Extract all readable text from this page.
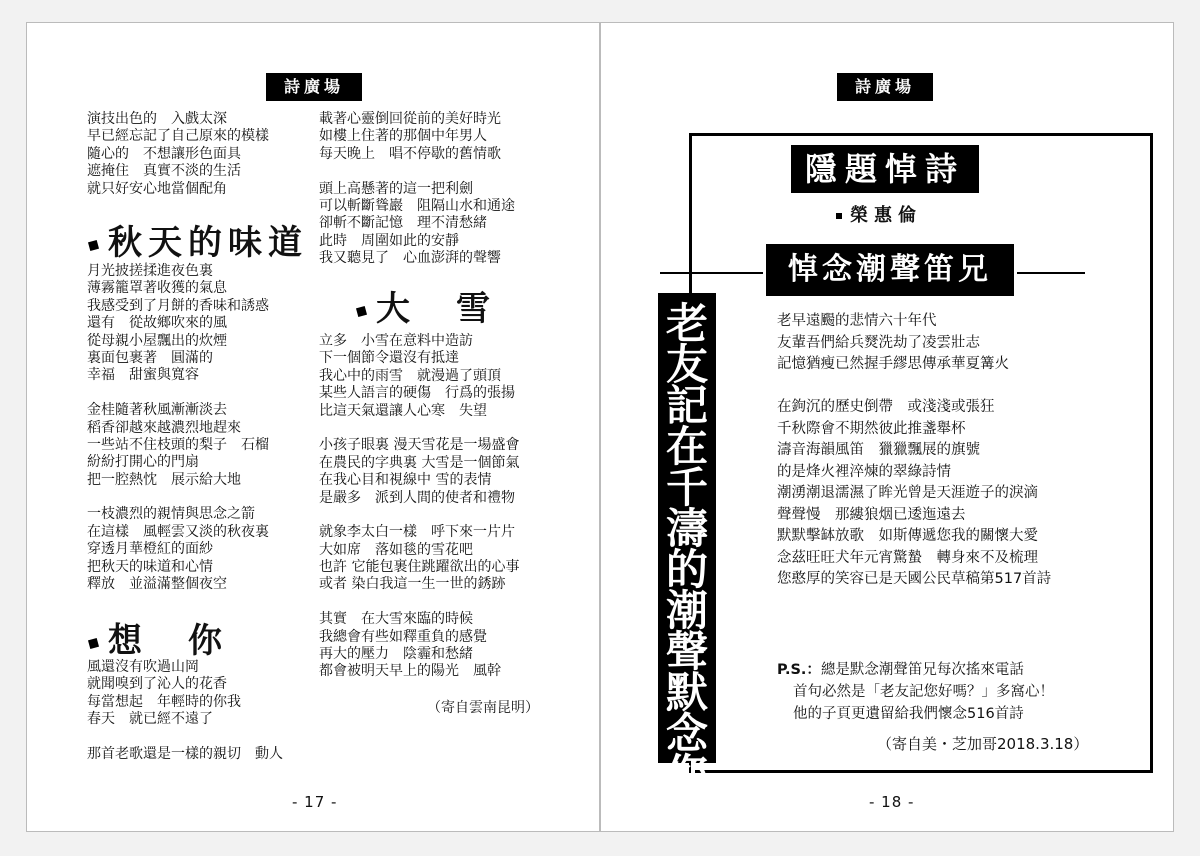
詩廣場
演技出色的　入戲太深
早已經忘記了自己原來的模樣
隨心的　不想讓形色面具
遮掩住　真實不淡的生活
就只好安心地當個配角
秋天的味道
月光披搓揉進夜色裏
薄霧籠罩著收獲的氣息
我感受到了月餅的香味和誘惑
還有　從故鄉吹來的風
從母親小屋飄出的炊煙
裏面包裹著　圓滿的
幸福　甜蜜與寬容
金桂隨著秋風漸漸淡去
稻香卻越來越濃烈地趕來
一些站不住枝頭的梨子　石榴
紛紛打開心的門扇
把一腔熱忱　展示給大地
一枝濃烈的親情與思念之箭
在這樣　風輕雲又淡的秋夜裏
穿透月華橙紅的面紗
把秋天的味道和心情
釋放　並溢滿整個夜空
想　你
風還沒有吹過山岡
就聞嗅到了沁人的花香
每當想起　年輕時的你我
春天　就已經不遠了
那首老歌還是一樣的親切　動人
載著心靈倒回從前的美好時光
如樓上住著的那個中年男人
每天晚上　唱不停歇的舊情歌
頭上高懸著的這一把利劍
可以斬斷聳巖　阻隔山水和通途
卻斬不斷記憶　理不清愁緒
此時　周圍如此的安靜
我又聽見了　心血澎湃的聲響
大　雪
立多　小雪在意料中造訪
下一個節令還沒有抵達
我心中的雨雪　就漫過了頭頂
某些人語言的硬傷　行爲的張揚
比這天氣還讓人心寒　失望
小孩子眼裏 漫天雪花是一場盛會
在農民的字典裏 大雪是一個節氣
在我心目和視線中 雪的表情
是嚴多　派到人間的使者和禮物
就象李太白一樣　呼下來一片片
大如席　落如毯的雪花吧
也許 它能包裹住跳躍欲出的心事
或者 染白我這一生一世的銹跡
其實　在大雪來臨的時候
我總會有些如釋重負的感覺
再大的壓力　陰霾和愁緒
都會被明天早上的陽光　風幹
（寄自雲南昆明）
- 17 -
詩廣場
隱題悼詩
榮惠倫
悼念潮聲笛兄
老
友
記
在
千
濤
的
潮
聲
默
念
您
老早遠颺的悲情六十年代
友輩吾們給兵燹洗劫了凌雲壯志
記憶猶瘦已然握手繆思傳承華夏篝火
在鉤沉的歷史倒帶　或淺淺或張狂
千秋際會不期然彼此推盞舉杯
濤音海韻風笛　獵獵飄展的旗號
的是烽火裡淬煉的翠綠詩情
潮湧潮退濡濕了眸光曾是天涯遊子的淚滴
聲聲慢　那縷狼烟已逶迤遠去
默默擊缽放歌　如斯傳遞您我的關懷大愛
念茲旺旺犬年元宵驚蟄　轉身來不及梳理
您憨厚的笑容已是天國公民草稿第517首詩
P.S.：總是默念潮聲笛兄每次搖來電話
首句必然是「老友記您好嗎？」多窩心！
他的子頁更遺留給我們懷念516首詩
（寄自美・芝加哥2018.3.18）
- 18 -
